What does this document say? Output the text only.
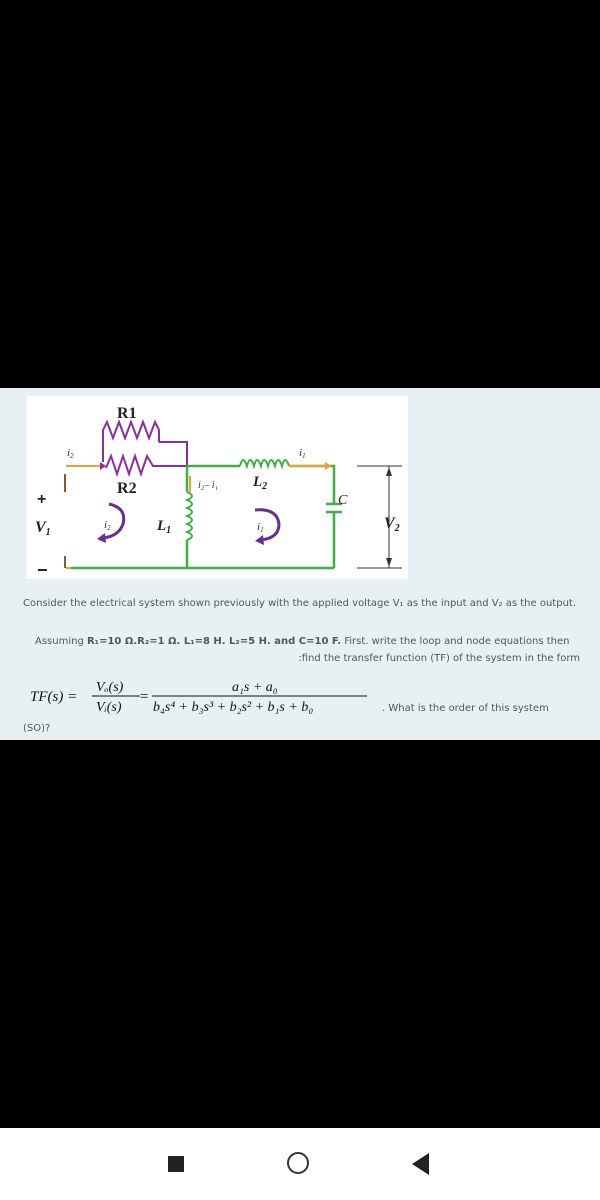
R1
R2	$L_2$
$L_1$
C
V1
V2
+
−
i2	i1
i₂– i₁
i2	i1

Consider the electrical system shown previously with the applied voltage V₁ as the input and V₂ as the output.

Assuming R₁=10 Ω.R₂=1 Ω. L₁=8 H. L₂=5 H. and C=10 F. First. write the loop and node equations then

:find the transfer function (TF) of the system in the form

TF(s) =
Vₒ(s)
Vᵢ(s)
=
a₁s + a₀
b₄s⁴ + b₃s³ + b₂s² + b₁s + b₀	. What is the order of this system

(SO)?
